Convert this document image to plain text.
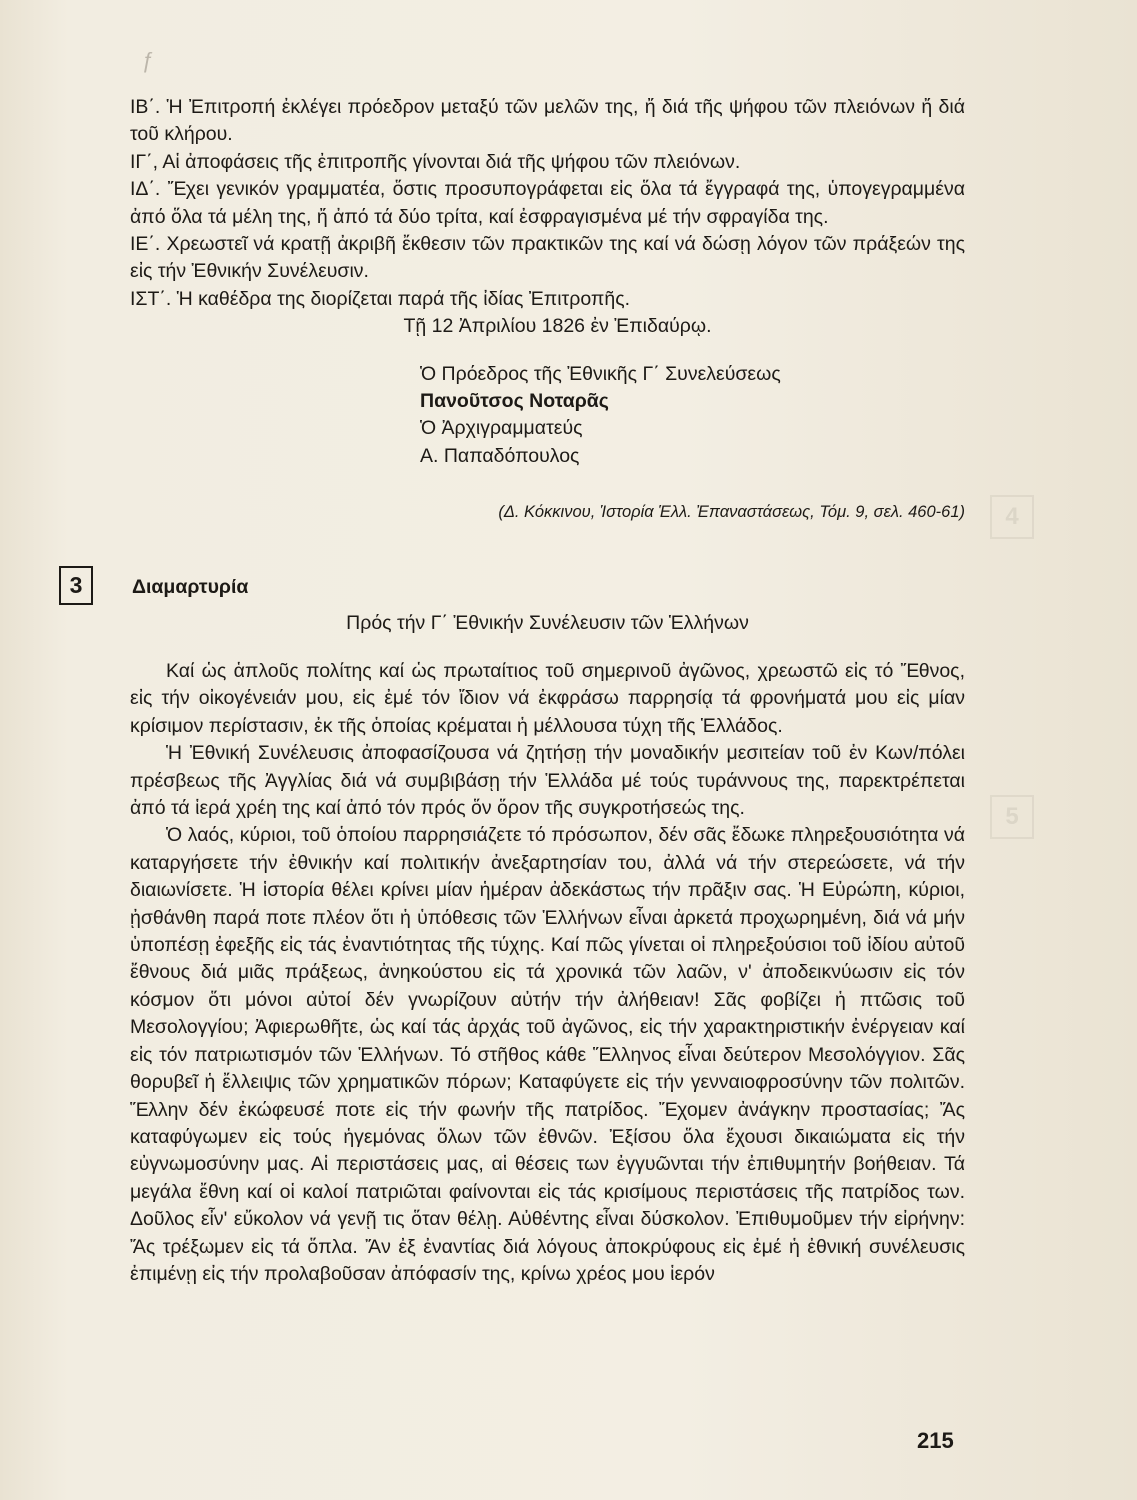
ƒ
4
5

ΙΒ΄. Ἡ Ἐπιτροπή ἐκλέγει πρόεδρον μεταξύ τῶν μελῶν της, ἤ διά τῆς ψήφου τῶν πλειόνων ἤ διά τοῦ κλήρου.

ΙΓ΄, Αἱ ἀποφάσεις τῆς ἐπιτροπῆς γίνονται διά τῆς ψήφου τῶν πλειόνων.

ΙΔ΄. Ἔχει γενικόν γραμματέα, ὅστις προσυπογράφεται εἰς ὅλα τά ἔγγραφά της, ὑπογεγραμμένα ἀπό ὅλα τά μέλη της, ἤ ἀπό τά δύο τρίτα, καί ἐσφραγισμένα μέ τήν σφραγίδα της.

ΙΕ΄. Χρεωστεῖ νά κρατῇ ἀκριβῆ ἔκθεσιν τῶν πρακτικῶν της καί νά δώσῃ λόγον τῶν πράξεών της εἰς τήν Ἐθνικήν Συνέλευσιν.

ΙΣΤ΄. Ἡ καθέδρα της διορίζεται παρά τῆς ἰδίας Ἐπιτροπῆς.

Τῇ 12 Ἀπριλίου 1826 ἐν Ἐπιδαύρῳ.

Ὁ Πρόεδρος τῆς Ἐθνικῆς Γ΄ Συνελεύσεως

Πανοῦτσος Νοταρᾶς

Ὁ Ἀρχιγραμματεύς

Α. Παπαδόπουλος

(Δ. Κόκκινου, Ἱστορία Ἑλλ. Ἐπαναστάσεως, Τόμ. 9, σελ. 460-61)
3	Διαμαρτυρία
Πρός τήν Γ΄ Ἐθνικήν Συνέλευσιν τῶν Ἑλλήνων

Καί ὡς ἁπλοῦς πολίτης καί ὡς πρωταίτιος τοῦ σημερινοῦ ἀγῶνος, χρεωστῶ εἰς τό Ἔθνος, εἰς τήν οἰκογένειάν μου, εἰς ἐμέ τόν ἴδιον νά ἐκφράσω παρρησίᾳ τά φρονήματά μου εἰς μίαν κρίσιμον περίστασιν, ἐκ τῆς ὁποίας κρέμαται ἡ μέλλουσα τύχη τῆς Ἑλλάδος.

Ἡ Ἐθνική Συνέλευσις ἀποφασίζουσα νά ζητήσῃ τήν μοναδικήν μεσιτείαν τοῦ ἐν Κων/πόλει πρέσβεως τῆς Ἀγγλίας διά νά συμβιβάσῃ τήν Ἑλλάδα μέ τούς τυράννους της, παρεκτρέπεται ἀπό τά ἱερά χρέη της καί ἀπό τόν πρός ὅν ὅρον τῆς συγκροτήσεώς της.

Ὁ λαός, κύριοι, τοῦ ὁποίου παρρησιάζετε τό πρόσωπον, δέν σᾶς ἔδωκε πληρεξουσιότητα νά καταργήσετε τήν ἐθνικήν καί πολιτικήν ἀνεξαρτησίαν του, ἀλλά νά τήν στερεώσετε, νά τήν διαιωνίσετε. Ἡ ἱστορία θέλει κρίνει μίαν ἡμέραν ἀδεκάστως τήν πρᾶξιν σας. Ἡ Εὐρώπη, κύριοι, ᾐσθάνθη παρά ποτε πλέον ὅτι ἡ ὑπόθεσις τῶν Ἑλλήνων εἶναι ἀρκετά προχωρημένη, διά νά μήν ὑποπέσῃ ἐφεξῆς εἰς τάς ἐναντιότητας τῆς τύχης. Καί πῶς γίνεται οἱ πληρεξούσιοι τοῦ ἰδίου αὐτοῦ ἔθνους διά μιᾶς πράξεως, ἀνηκούστου εἰς τά χρονικά τῶν λαῶν, ν' ἀποδεικνύωσιν εἰς τόν κόσμον ὅτι μόνοι αὐτοί δέν γνωρίζουν αὐτήν τήν ἀλήθειαν! Σᾶς φοβίζει ἡ πτῶσις τοῦ Μεσολογγίου; Ἀφιερωθῆτε, ὡς καί τάς ἀρχάς τοῦ ἀγῶνος, εἰς τήν χαρακτηριστικήν ἐνέργειαν καί εἰς τόν πατριωτισμόν τῶν Ἑλλήνων. Τό στῆθος κάθε Ἕλληνος εἶναι δεύτερον Μεσολόγγιον. Σᾶς θορυβεῖ ἡ ἔλλειψις τῶν χρηματικῶν πόρων; Καταφύγετε εἰς τήν γενναιοφροσύνην τῶν πολιτῶν. Ἕλλην δέν ἐκώφευσέ ποτε εἰς τήν φωνήν τῆς πατρίδος. Ἔχομεν ἀνάγκην προστασίας; Ἄς καταφύγωμεν εἰς τούς ἡγεμόνας ὅλων τῶν ἐθνῶν. Ἐξίσου ὅλα ἔχουσι δικαιώματα εἰς τήν εὐγνωμοσύνην μας. Αἱ περιστάσεις μας, αἱ θέσεις των ἐγγυῶνται τήν ἐπιθυμητήν βοήθειαν. Τά μεγάλα ἔθνη καί οἱ καλοί πατριῶται φαίνονται εἰς τάς κρισίμους περιστάσεις τῆς πατρίδος των. Δοῦλος εἶν' εὔκολον νά γενῇ τις ὅταν θέλῃ. Αὐθέντης εἶναι δύσκολον. Ἐπιθυμοῦμεν τήν εἰρήνην: Ἄς τρέξωμεν εἰς τά ὅπλα. Ἄν ἐξ ἐναντίας διά λόγους ἀποκρύφους εἰς ἐμέ ἡ ἐθνική συνέλευσις ἐπιμένῃ εἰς τήν προλαβοῦσαν ἀπόφασίν της, κρίνω χρέος μου ἱερόν

215
